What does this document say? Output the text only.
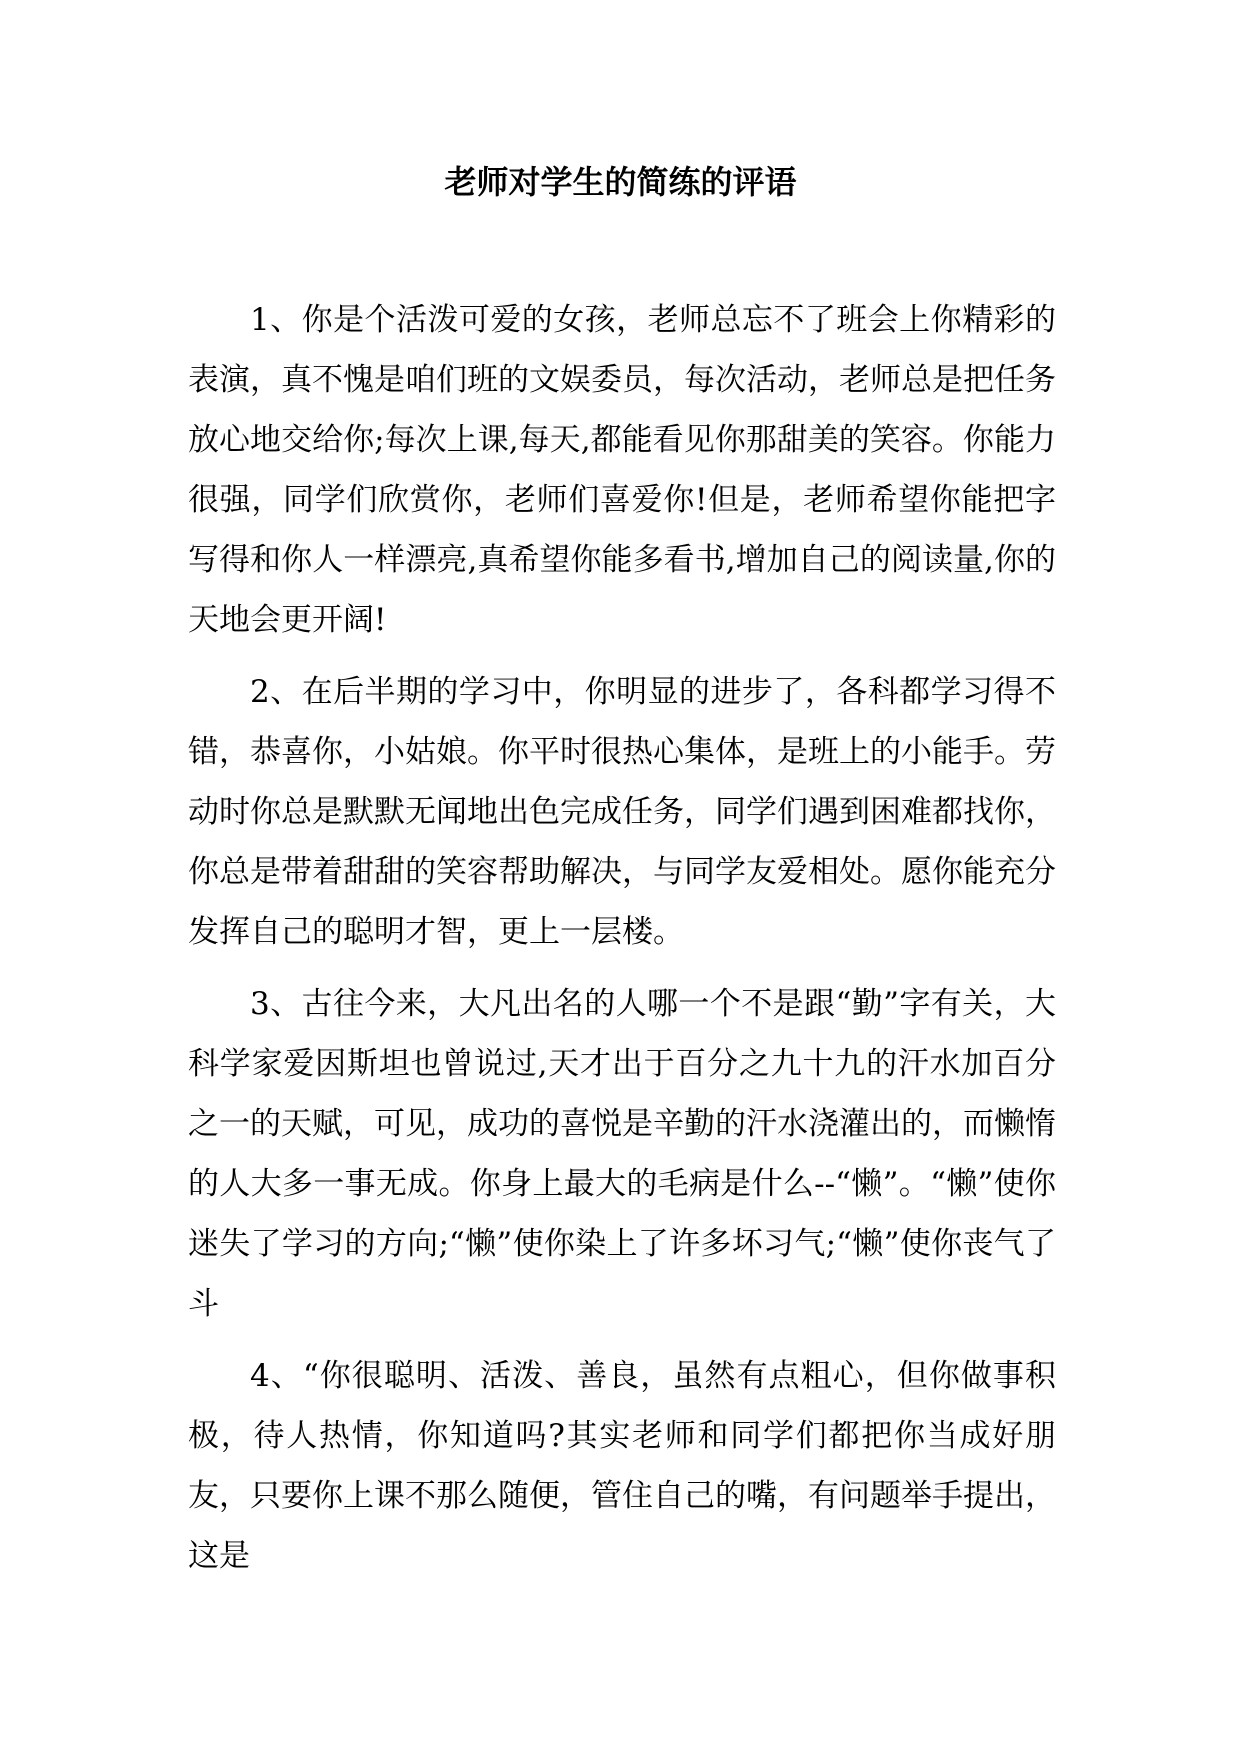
老师对学生的简练的评语

1、你是个活泼可爱的女孩，老师总忘不了班会上你精彩的表演，真不愧是咱们班的文娱委员，每次活动，老师总是把任务放心地交给你;每次上课,每天,都能看见你那甜美的笑容。你能力很强，同学们欣赏你，老师们喜爱你!但是，老师希望你能把字写得和你人一样漂亮,真希望你能多看书,增加自己的阅读量,你的天地会更开阔!

2、在后半期的学习中，你明显的进步了，各科都学习得不错，恭喜你，小姑娘。你平时很热心集体，是班上的小能手。劳动时你总是默默无闻地出色完成任务，同学们遇到困难都找你，你总是带着甜甜的笑容帮助解决，与同学友爱相处。愿你能充分发挥自己的聪明才智，更上一层楼。

3、古往今来，大凡出名的人哪一个不是跟“勤”字有关，大科学家爱因斯坦也曾说过,天才出于百分之九十九的汗水加百分之一的天赋，可见，成功的喜悦是辛勤的汗水浇灌出的，而懒惰的人大多一事无成。你身上最大的毛病是什么--“懒”。“懒”使你迷失了学习的方向;“懒”使你染上了许多坏习气;“懒”使你丧气了斗

4、“你很聪明、活泼、善良，虽然有点粗心，但你做事积极，待人热情，你知道吗?其实老师和同学们都把你当成好朋友，只要你上课不那么随便，管住自己的嘴，有问题举手提出，这是
